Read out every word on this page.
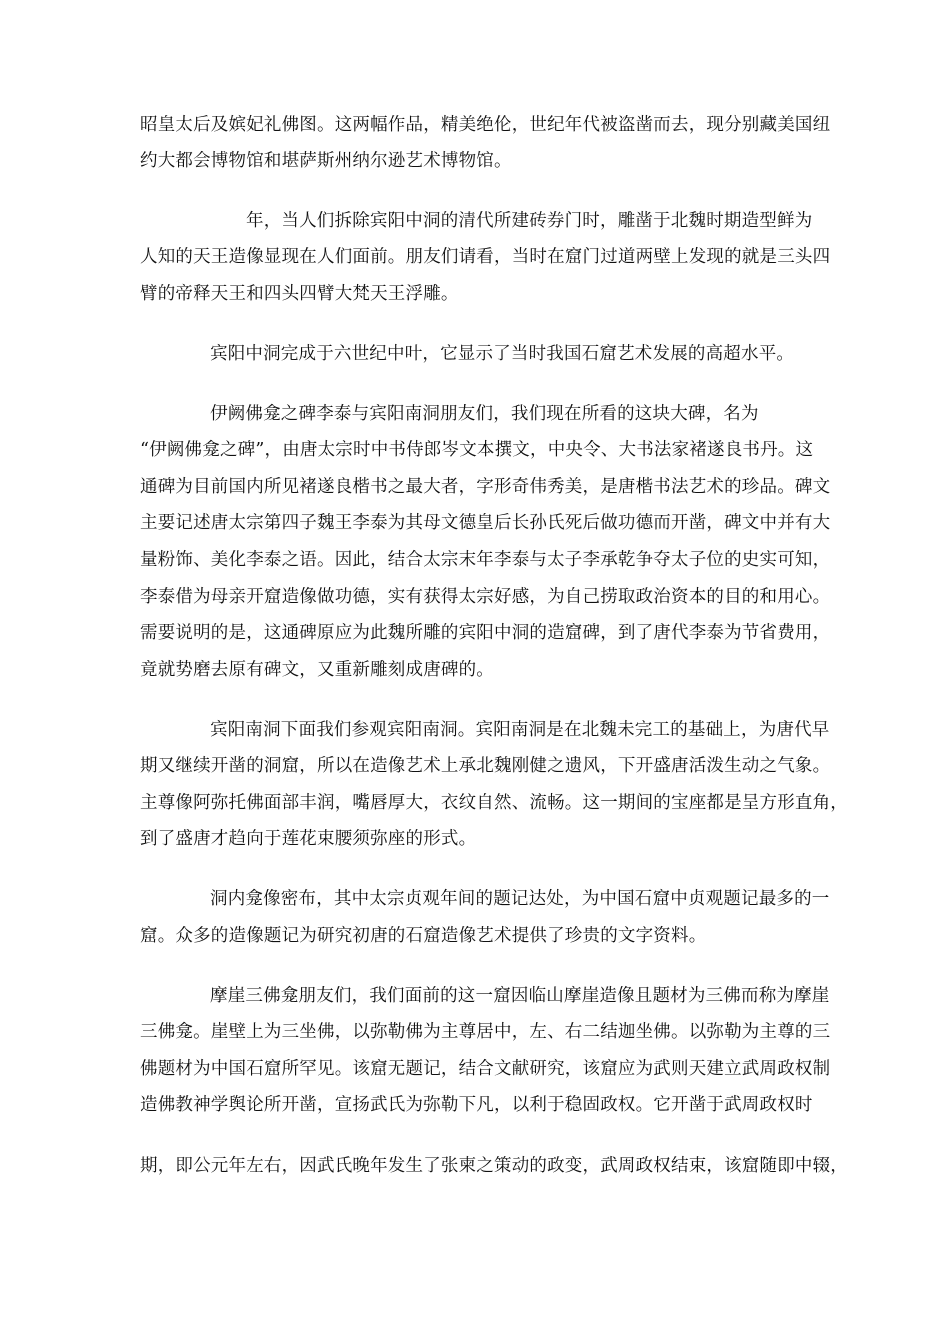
昭皇太后及嫔妃礼佛图。这两幅作品，精美绝伦，世纪年代被盗凿而去，现分别藏美国纽
约大都会博物馆和堪萨斯州纳尔逊艺术博物馆。
年，当人们拆除宾阳中洞的清代所建砖券门时，雕凿于北魏时期造型鲜为
人知的天王造像显现在人们面前。朋友们请看，当时在窟门过道两壁上发现的就是三头四
臂的帝释天王和四头四臂大梵天王浮雕。
宾阳中洞完成于六世纪中叶，它显示了当时我国石窟艺术发展的高超水平。
伊阙佛龛之碑李泰与宾阳南洞朋友们，我们现在所看的这块大碑，名为
“伊阙佛龛之碑”，由唐太宗时中书侍郎岑文本撰文，中央令、大书法家褚遂良书丹。这
通碑为目前国内所见褚遂良楷书之最大者，字形奇伟秀美，是唐楷书法艺术的珍品。碑文
主要记述唐太宗第四子魏王李泰为其母文德皇后长孙氏死后做功德而开凿，碑文中并有大
量粉饰、美化李泰之语。因此，结合太宗末年李泰与太子李承乾争夺太子位的史实可知，
李泰借为母亲开窟造像做功德，实有获得太宗好感，为自己捞取政治资本的目的和用心。
需要说明的是，这通碑原应为此魏所雕的宾阳中洞的造窟碑，到了唐代李泰为节省费用，
竟就势磨去原有碑文，又重新雕刻成唐碑的。
宾阳南洞下面我们参观宾阳南洞。宾阳南洞是在北魏未完工的基础上，为唐代早
期又继续开凿的洞窟，所以在造像艺术上承北魏刚健之遗风，下开盛唐活泼生动之气象。
主尊像阿弥托佛面部丰润，嘴唇厚大，衣纹自然、流畅。这一期间的宝座都是呈方形直角，
到了盛唐才趋向于莲花束腰须弥座的形式。
洞内龛像密布，其中太宗贞观年间的题记达处，为中国石窟中贞观题记最多的一
窟。众多的造像题记为研究初唐的石窟造像艺术提供了珍贵的文字资料。
摩崖三佛龛朋友们，我们面前的这一窟因临山摩崖造像且题材为三佛而称为摩崖
三佛龛。崖壁上为三坐佛，以弥勒佛为主尊居中，左、右二结迦坐佛。以弥勒为主尊的三
佛题材为中国石窟所罕见。该窟无题记，结合文献研究，该窟应为武则天建立武周政权制
造佛教神学舆论所开凿，宣扬武氏为弥勒下凡，以利于稳固政权。它开凿于武周政权时
期，即公元年左右，因武氏晚年发生了张柬之策动的政变，武周政权结束，该窟随即中辍，
